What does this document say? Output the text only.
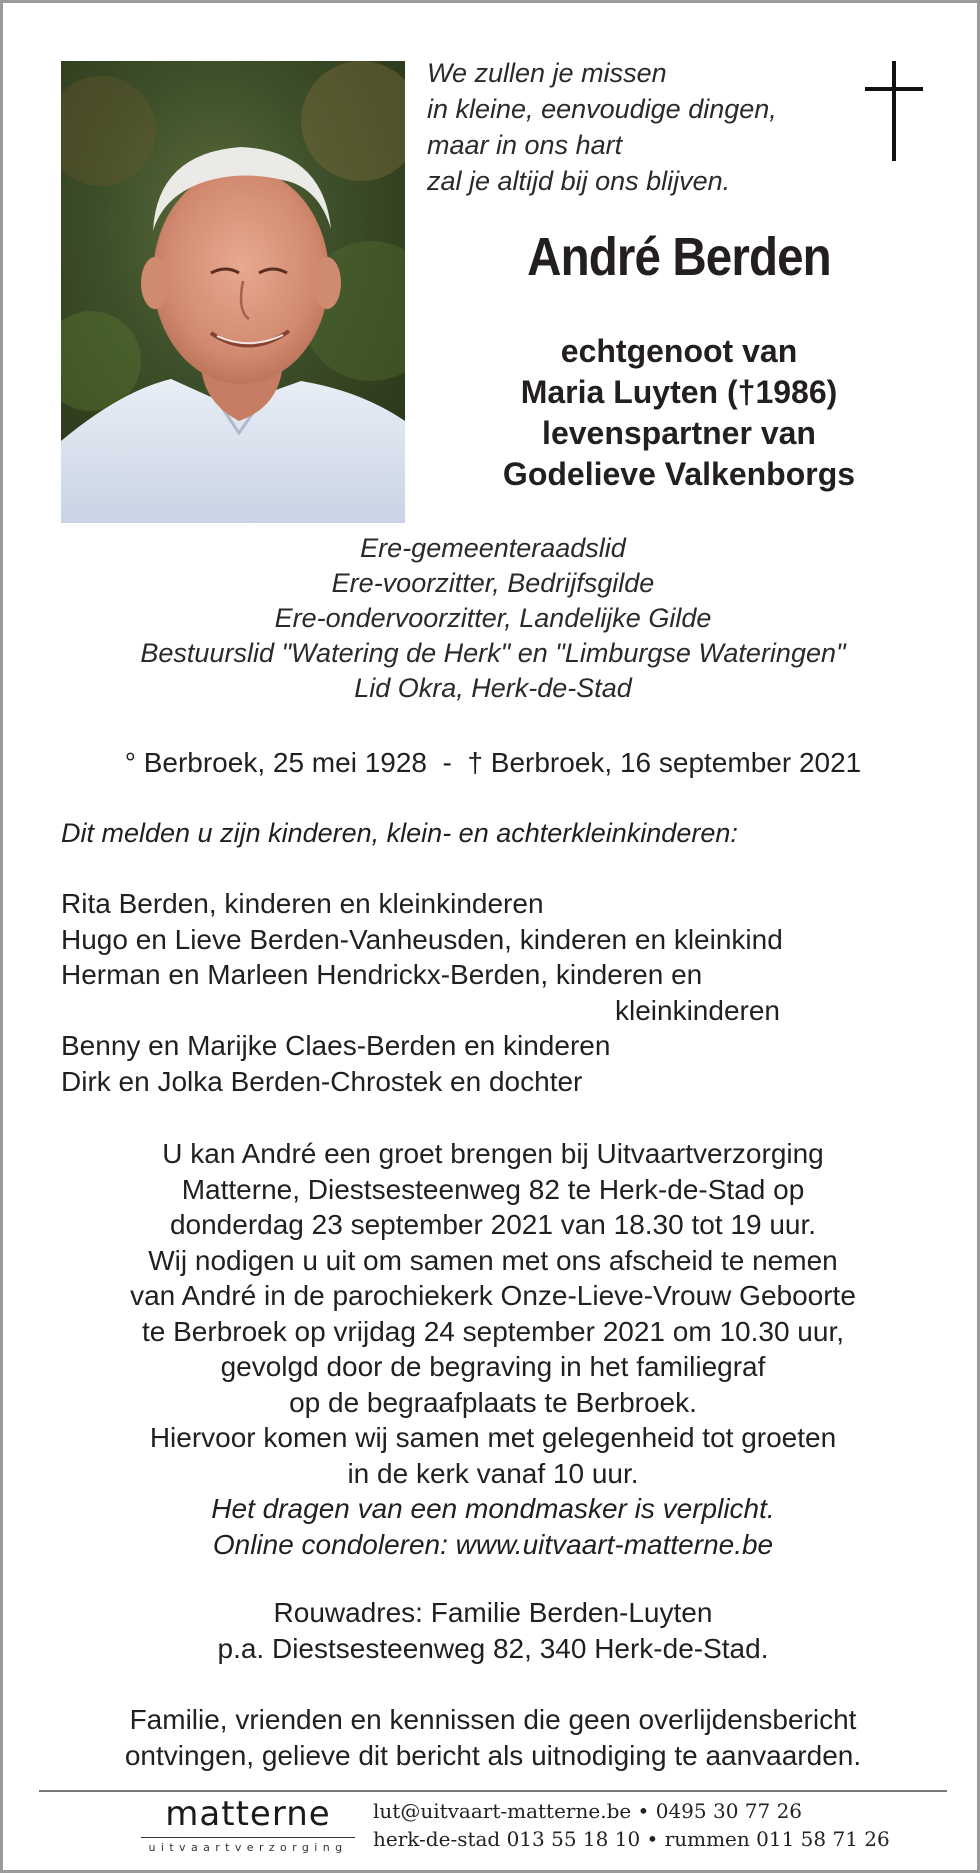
We zullen je missen
in kleine, eenvoudige dingen,
maar in ons hart
zal je altijd bij ons blijven.
André Berden
echtgenoot van
Maria Luyten (†1986)
levenspartner van
Godelieve Valkenborgs
Ere-gemeenteraadslid
Ere-voorzitter, Bedrijfsgilde
Ere-ondervoorzitter, Landelijke Gilde
Bestuurslid "Watering de Herk" en "Limburgse Wateringen"
Lid Okra, Herk-de-Stad
° Berbroek, 25 mei 1928  -  † Berbroek, 16 september 2021
Dit melden u zijn kinderen, klein- en achterkleinkinderen:
Rita Berden, kinderen en kleinkinderen
Hugo en Lieve Berden-Vanheusden, kinderen en kleinkind
Herman en Marleen Hendrickx-Berden, kinderen en
kleinkinderen
Benny en Marijke Claes-Berden en kinderen
Dirk en Jolka Berden-Chrostek en dochter
U kan André een groet brengen bij Uitvaartverzorging
Matterne, Diestsesteenweg 82 te Herk-de-Stad op
donderdag 23 september 2021 van 18.30 tot 19 uur.
Wij nodigen u uit om samen met ons afscheid te nemen
van André in de parochiekerk Onze-Lieve-Vrouw Geboorte
te Berbroek op vrijdag 24 september 2021 om 10.30 uur,
gevolgd door de begraving in het familiegraf
op de begraafplaats te Berbroek.
Hiervoor komen wij samen met gelegenheid tot groeten
in de kerk vanaf 10 uur.
Het dragen van een mondmasker is verplicht.
Online condoleren: www.uitvaart-matterne.be
Rouwadres: Familie Berden-Luyten
p.a. Diestsesteenweg 82, 340 Herk-de-Stad.
Familie, vrienden en kennissen die geen overlijdensbericht
ontvingen, gelieve dit bericht als uitnodiging te aanvaarden.
matterne
uitvaartverzorging
lut@uitvaart-matterne.be • 0495 30 77 26
herk-de-stad 013 55 18 10 • rummen 011 58 71 26
